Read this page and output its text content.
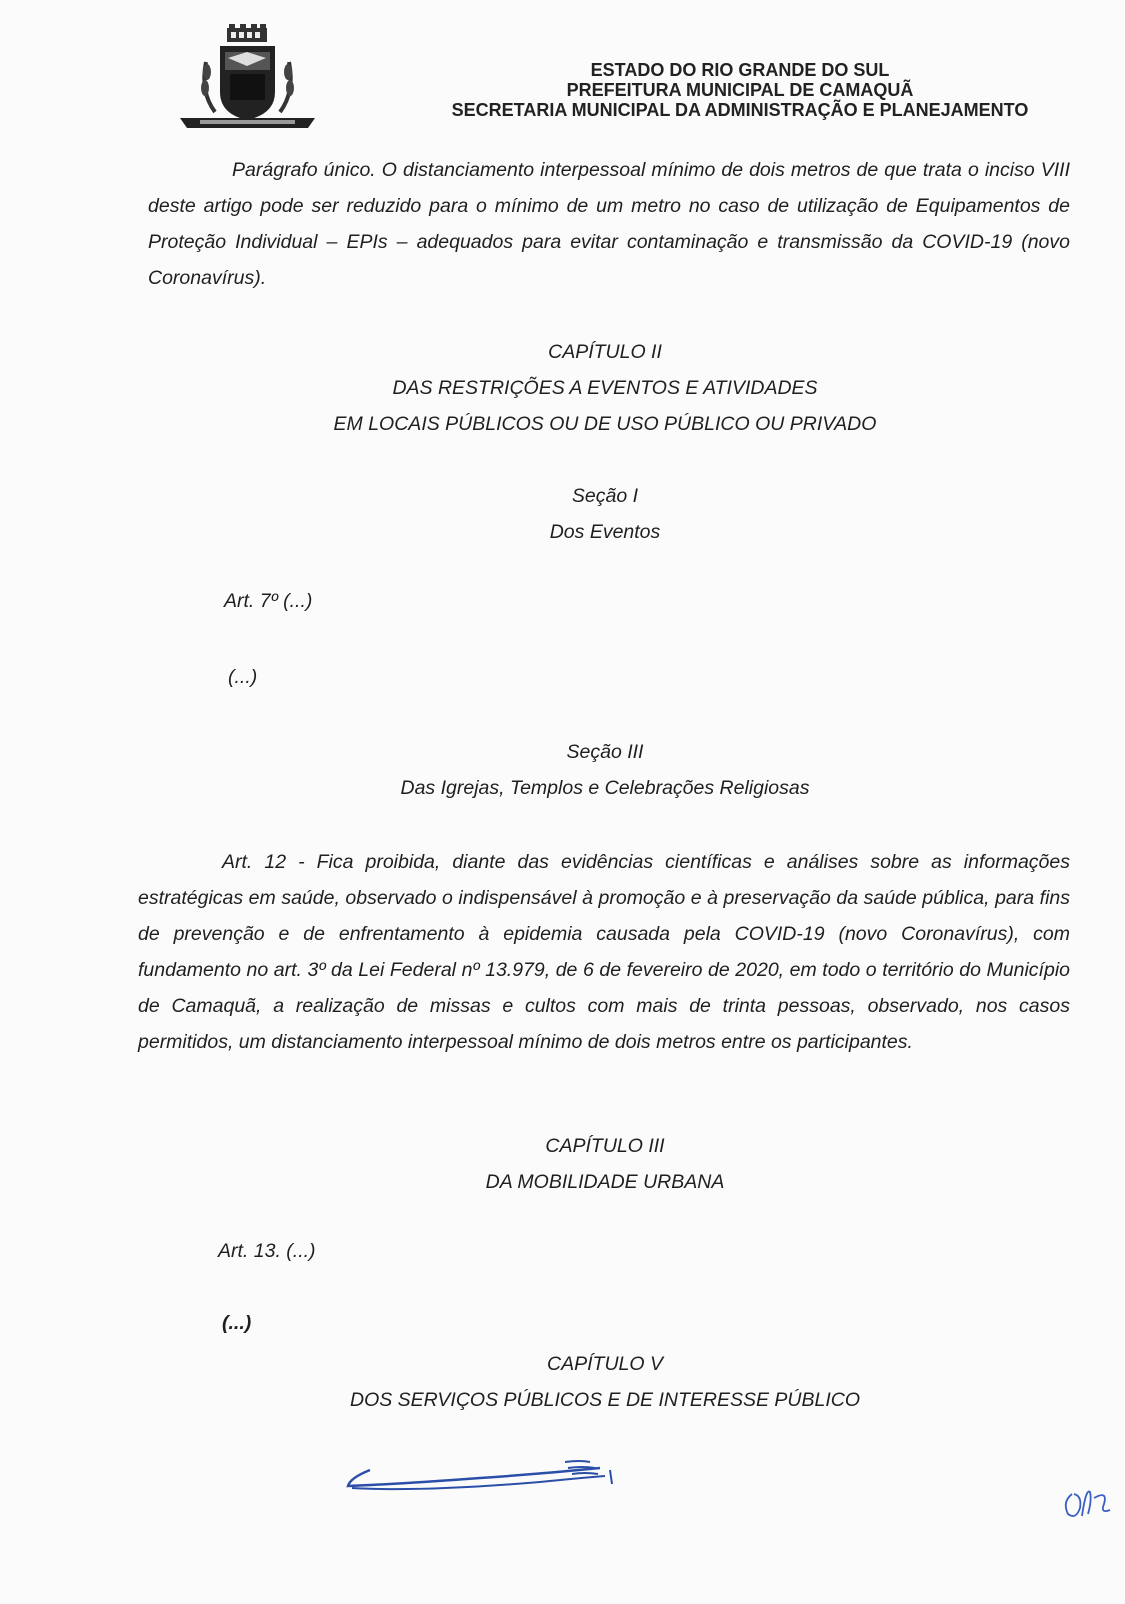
ESTADO DO RIO GRANDE DO SUL
PREFEITURA MUNICIPAL DE CAMAQUÃ
SECRETARIA MUNICIPAL DA ADMINISTRAÇÃO E PLANEJAMENTO

Parágrafo único. O distanciamento interpessoal mínimo de dois metros de que trata o inciso VIII deste artigo pode ser reduzido para o mínimo de um metro no caso de utilização de Equipamentos de Proteção Individual – EPIs – adequados para evitar contaminação e transmissão da COVID-19 (novo Coronavírus).

CAPÍTULO II
DAS RESTRIÇÕES A EVENTOS E ATIVIDADES
EM LOCAIS PÚBLICOS OU DE USO PÚBLICO OU PRIVADO
Seção I
Dos Eventos
Art. 7º (...)
(...)
Seção III
Das Igrejas, Templos e Celebrações Religiosas

Art. 12 - Fica proibida, diante das evidências científicas e análises sobre as informações estratégicas em saúde, observado o indispensável à promoção e à preservação da saúde pública, para fins de prevenção e de enfrentamento à epidemia causada pela COVID-19 (novo Coronavírus), com fundamento no art. 3º da Lei Federal nº 13.979, de 6 de fevereiro de 2020, em todo o território do Município de Camaquã, a realização de missas e cultos com mais de trinta pessoas, observado, nos casos permitidos, um distanciamento interpessoal mínimo de dois metros entre os participantes.

CAPÍTULO III
DA MOBILIDADE URBANA
Art. 13. (...)
(...)
CAPÍTULO V
DOS SERVIÇOS PÚBLICOS E DE INTERESSE PÚBLICO
